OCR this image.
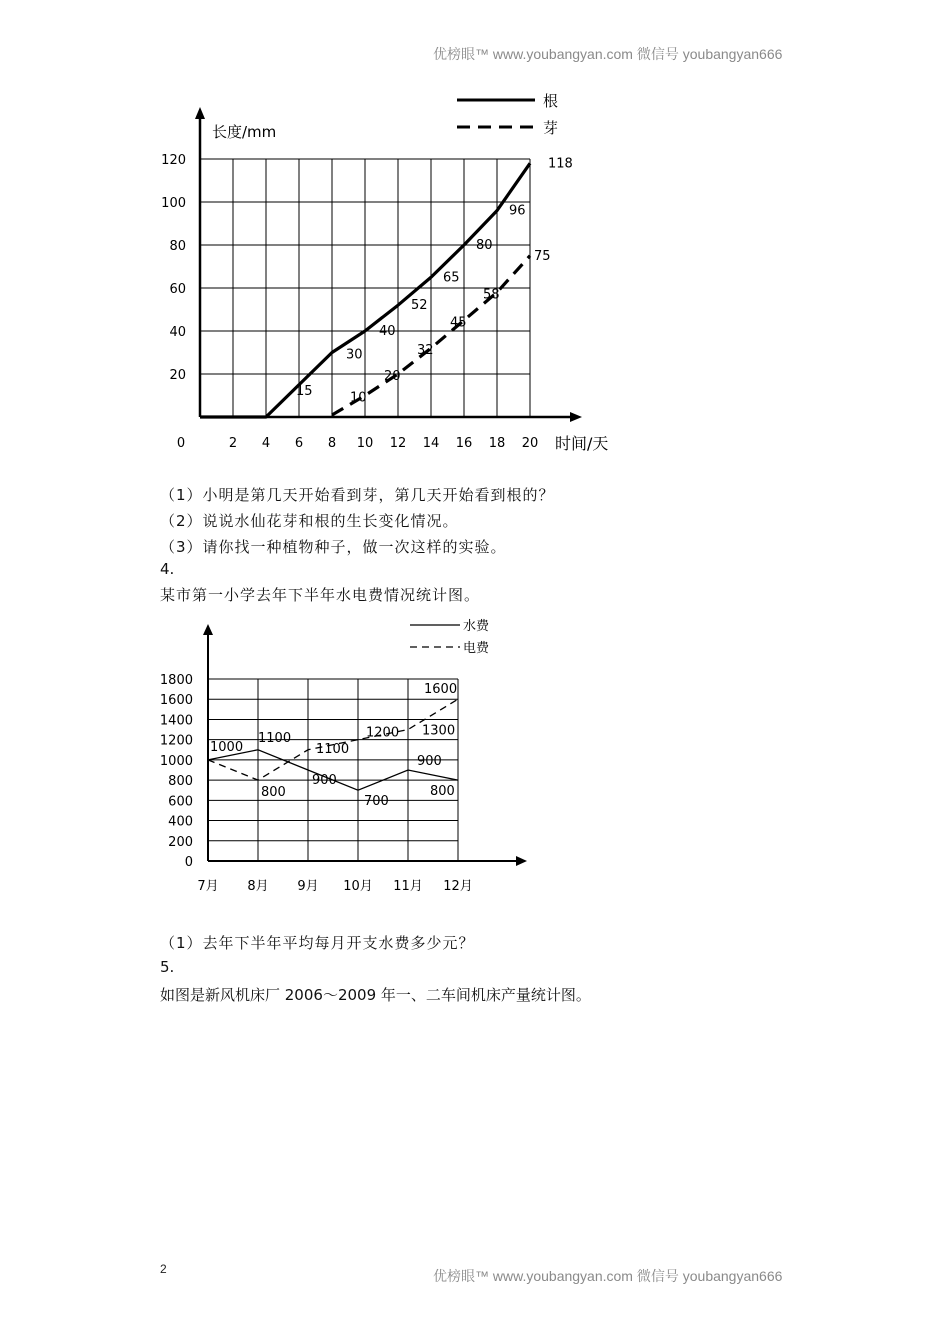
优榜眼™ www.youbangyan.com 微信号 youbangyan666
长度/mm
20
40
60
80
100
120
0	2 4 6 8 10 12 14 16 18 20 时间/天
根
芽
15
30
40
52
65
80
96
118
10
20
32
45
58
75
（1）小明是第几天开始看到芽，第几天开始看到根的？
（2）说说水仙花芽和根的生长变化情况。
（3）请你找一种植物种子，做一次这样的实验。
4.
某市第一小学去年下半年水电费情况统计图。
水费
电费
0
200
400
600
800
1000
1200
1400
1600
1800
7月 8月 9月 10月 11月 12月
1000
1100
1100
1200 1300
1600
800
900
700
900
800
（1）去年下半年平均每月开支水费多少元？
5.
如图是新风机床厂 2006～2009 年一、二车间机床产量统计图。
2	优榜眼™ www.youbangyan.com 微信号 youbangyan666
